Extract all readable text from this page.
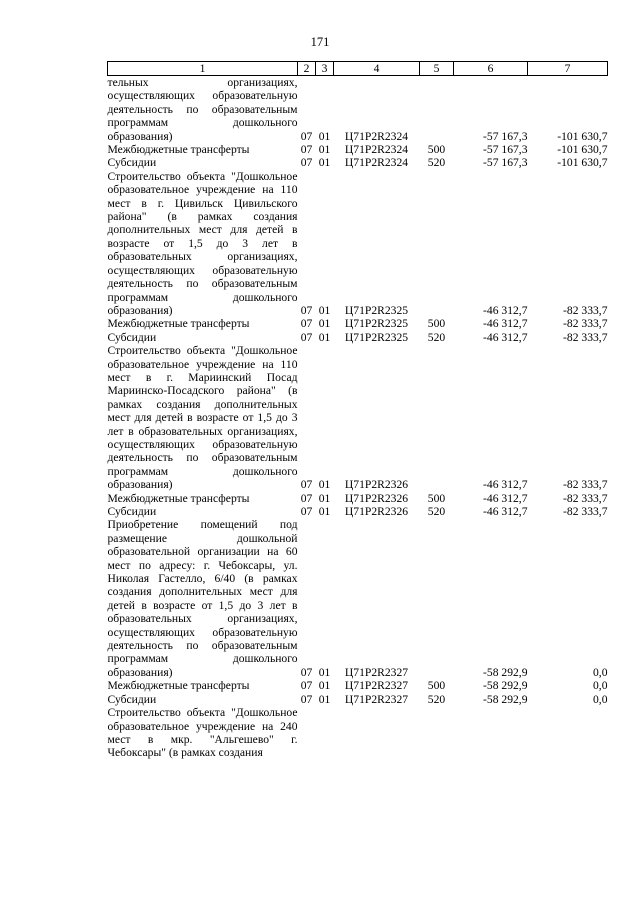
171
1	2	3	4	5	6	7
тельных организациях, осуществляющих образовательную деятельность по образовательным программам дошкольного образования)	07	01	Ц71Р2R2324		-57 167,3	-101 630,7
Межбюджетные трансферты	07	01	Ц71Р2R2324	500	-57 167,3	-101 630,7
Субсидии	07	01	Ц71Р2R2324	520	-57 167,3	-101 630,7
Строительство объекта "Дошкольное образовательное учреждение на 110 мест в г. Цивильск Цивильского района" (в рамках создания дополнительных мест для детей в возрасте от 1,5 до 3 лет в образовательных организациях, осуществляющих образовательную деятельность по образовательным программам дошкольного образования)	07	01	Ц71Р2R2325		-46 312,7	-82 333,7
Межбюджетные трансферты	07	01	Ц71Р2R2325	500	-46 312,7	-82 333,7
Субсидии	07	01	Ц71Р2R2325	520	-46 312,7	-82 333,7
Строительство объекта "Дошкольное образовательное учреждение на 110 мест в г. Мариинский Посад Мариинско-Посадского района" (в рамках создания дополнительных мест для детей в возрасте от 1,5 до 3 лет в образовательных организациях, осуществляющих образовательную деятельность по образовательным программам дошкольного образования)	07	01	Ц71Р2R2326		-46 312,7	-82 333,7
Межбюджетные трансферты	07	01	Ц71Р2R2326	500	-46 312,7	-82 333,7
Субсидии	07	01	Ц71Р2R2326	520	-46 312,7	-82 333,7
Приобретение помещений под размещение дошкольной образовательной организации на 60 мест по адресу: г. Чебоксары, ул. Николая Гастелло, 6/40 (в рамках создания дополнительных мест для детей в возрасте от 1,5 до 3 лет в образовательных организациях, осуществляющих образовательную деятельность по образовательным программам дошкольного образования)	07	01	Ц71Р2R2327		-58 292,9	0,0
Межбюджетные трансферты	07	01	Ц71Р2R2327	500	-58 292,9	0,0
Субсидии	07	01	Ц71Р2R2327	520	-58 292,9	0,0
Строительство объекта "Дошкольное образовательное учреждение на 240 мест в мкр. "Альгешево" г. Чебоксары" (в рамках создания						
